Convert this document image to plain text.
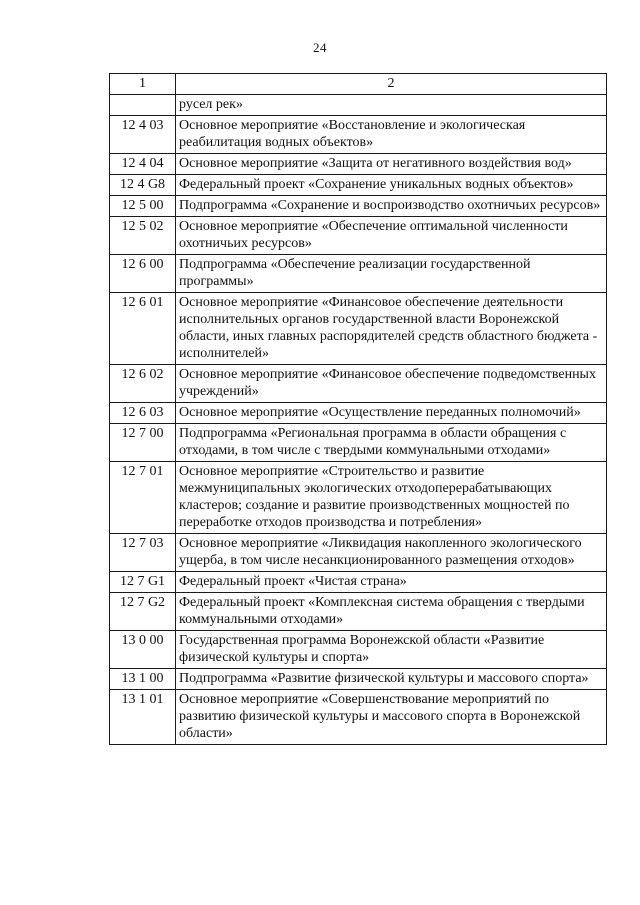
24
1	2
	русел рек»
12 4 03	Основное мероприятие «Восстановление и экологическая реабилитация водных объектов»
12 4 04	Основное мероприятие «Защита от негативного воздействия вод»
12 4 G8	Федеральный проект «Сохранение уникальных водных объектов»
12 5 00	Подпрограмма «Сохранение и воспроизводство охотничьих ресурсов»
12 5 02	Основное мероприятие «Обеспечение оптимальной численности охотничьих ресурсов»
12 6 00	Подпрограмма «Обеспечение реализации государственной программы»
12 6 01	Основное мероприятие «Финансовое обеспечение деятельности исполнительных органов государственной власти Воронежской области, иных главных распорядителей средств областного бюджета - исполнителей»
12 6 02	Основное мероприятие «Финансовое обеспечение подведомственных учреждений»
12 6 03	Основное мероприятие «Осуществление переданных полномочий»
12 7 00	Подпрограмма «Региональная программа в области обращения с отходами, в том числе с твердыми коммунальными отходами»
12 7 01	Основное мероприятие «Строительство и развитие межмуниципальных экологических отходоперерабатывающих кластеров; создание и развитие производственных мощностей по переработке отходов производства и потребления»
12 7 03	Основное мероприятие «Ликвидация накопленного экологического ущерба, в том числе несанкционированного размещения отходов»
12 7 G1	Федеральный проект «Чистая страна»
12 7 G2	Федеральный проект «Комплексная система обращения с твердыми коммунальными отходами»
13 0 00	Государственная программа Воронежской области «Развитие физической культуры и спорта»
13 1 00	Подпрограмма «Развитие физической культуры и массового спорта»
13 1 01	Основное мероприятие «Совершенствование мероприятий по развитию физической культуры и массового спорта в Воронежской области»
